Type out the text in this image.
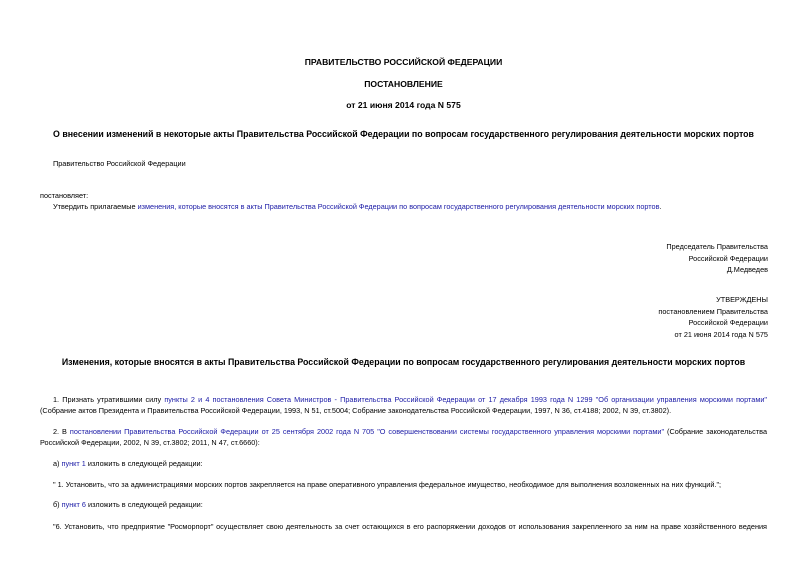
ПРАВИТЕЛЬСТВО РОССИЙСКОЙ ФЕДЕРАЦИИ
ПОСТАНОВЛЕНИЕ
от 21 июня 2014 года N 575
О внесении изменений в некоторые акты Правительства Российской Федерации по вопросам государственного регулирования деятельности морских портов
Правительство Российской Федерации
постановляет:
Утвердить прилагаемые изменения, которые вносятся в акты Правительства Российской Федерации по вопросам государственного регулирования деятельности морских портов.
Председатель Правительства
Российской Федерации
Д.Медведев
УТВЕРЖДЕНЫ
постановлением Правительства
Российской Федерации
от 21 июня 2014 года N 575
Изменения, которые вносятся в акты Правительства Российской Федерации по вопросам государственного регулирования деятельности морских портов
1. Признать утратившими силу пункты 2 и 4 постановления Совета Министров - Правительства Российской Федерации от 17 декабря 1993 года N 1299 "Об организации управления морскими портами" (Собрание актов Президента и Правительства Российской Федерации, 1993, N 51, ст.5004; Собрание законодательства Российской Федерации, 1997, N 36, ст.4188; 2002, N 39, ст.3802).
2. В постановлении Правительства Российской Федерации от 25 сентября 2002 года N 705 "О совершенствовании системы государственного управления морскими портами" (Собрание законодательства Российской Федерации, 2002, N 39, ст.3802; 2011, N 47, ст.6660):
а) пункт 1 изложить в следующей редакции:
" 1. Установить, что за администрациями морских портов закрепляется на праве оперативного управления федеральное имущество, необходимое для выполнения возложенных на них функций.";
б) пункт 6 изложить в следующей редакции:
"6. Установить, что предприятие "Росморпорт" осуществляет свою деятельность за счет остающихся в его распоряжении доходов от использования закрепленного за ним на праве хозяйственного ведения
